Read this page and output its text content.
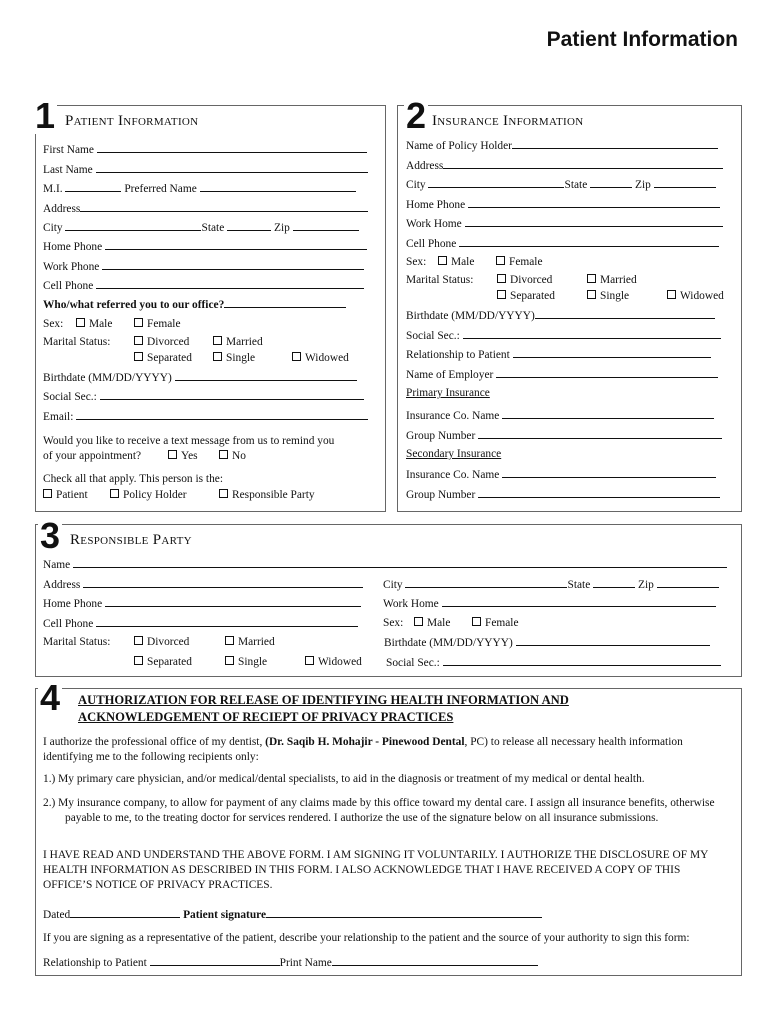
Patient Information
1 Patient Information
First Name
Last Name
M.I.	Preferred Name
Address
City	State	Zip
Home Phone
Work Phone
Cell Phone
Who/what referred you to our office?
Sex:	Male	Female
Marital Status:	Divorced	Married
Separated	Single	Widowed
Birthdate (MM/DD/YYYY)
Social Sec.:
Email:
Would you like to receive a text message from us to remind you
of your appointment?	Yes	No
Check all that apply. This person is the:
Patient	Policy Holder	Responsible Party
2 Insurance Information
Name of Policy Holder
Address
City	State	Zip
Home Phone
Work Home
Cell Phone
Sex:	Male	Female
Marital Status:	Divorced	Married
Separated	Single	Widowed
Birthdate (MM/DD/YYYY)
Social Sec.:
Relationship to Patient
Name of Employer
Primary Insurance
Insurance Co. Name
Group Number
Secondary Insurance
Insurance Co. Name
Group Number
3 Responsible Party
Name
Address	City	State	Zip
Home Phone	Work Home
Cell Phone	Sex:	Male	Female
Marital Status:	Divorced	Married	Birthdate (MM/DD/YYYY)
Separated	Single	Widowed Social Sec.:
4 AUTHORIZATION FOR RELEASE OF IDENTIFYING HEALTH INFORMATION AND
ACKNOWLEDGEMENT OF RECIEPT OF PRIVACY PRACTICES
I authorize the professional office of my dentist, (Dr. Saqib H. Mohajir - Pinewood Dental, PC) to release all necessary health information identifying me to the following recipients only:
1.) My primary care physician, and/or medical/dental specialists, to aid in the diagnosis or treatment of my medical or dental health.
2.) My insurance company, to allow for payment of any claims made by this office toward my dental care. I assign all insurance benefits, otherwise payable to me, to the treating doctor for services rendered. I authorize the use of the signature below on all insurance submissions.
I HAVE READ AND UNDERSTAND THE ABOVE FORM. I AM SIGNING IT VOLUNTARILY. I AUTHORIZE THE DISCLOSURE OF MY HEALTH INFORMATION AS DESCRIBED IN THIS FORM. I ALSO ACKNOWLEDGE THAT I HAVE RECEIVED A COPY OF THIS OFFICE’S NOTICE OF PRIVACY PRACTICES.
Dated	Patient signature
If you are signing as a representative of the patient, describe your relationship to the patient and the source of your authority to sign this form:
Relationship to Patient	Print Name
